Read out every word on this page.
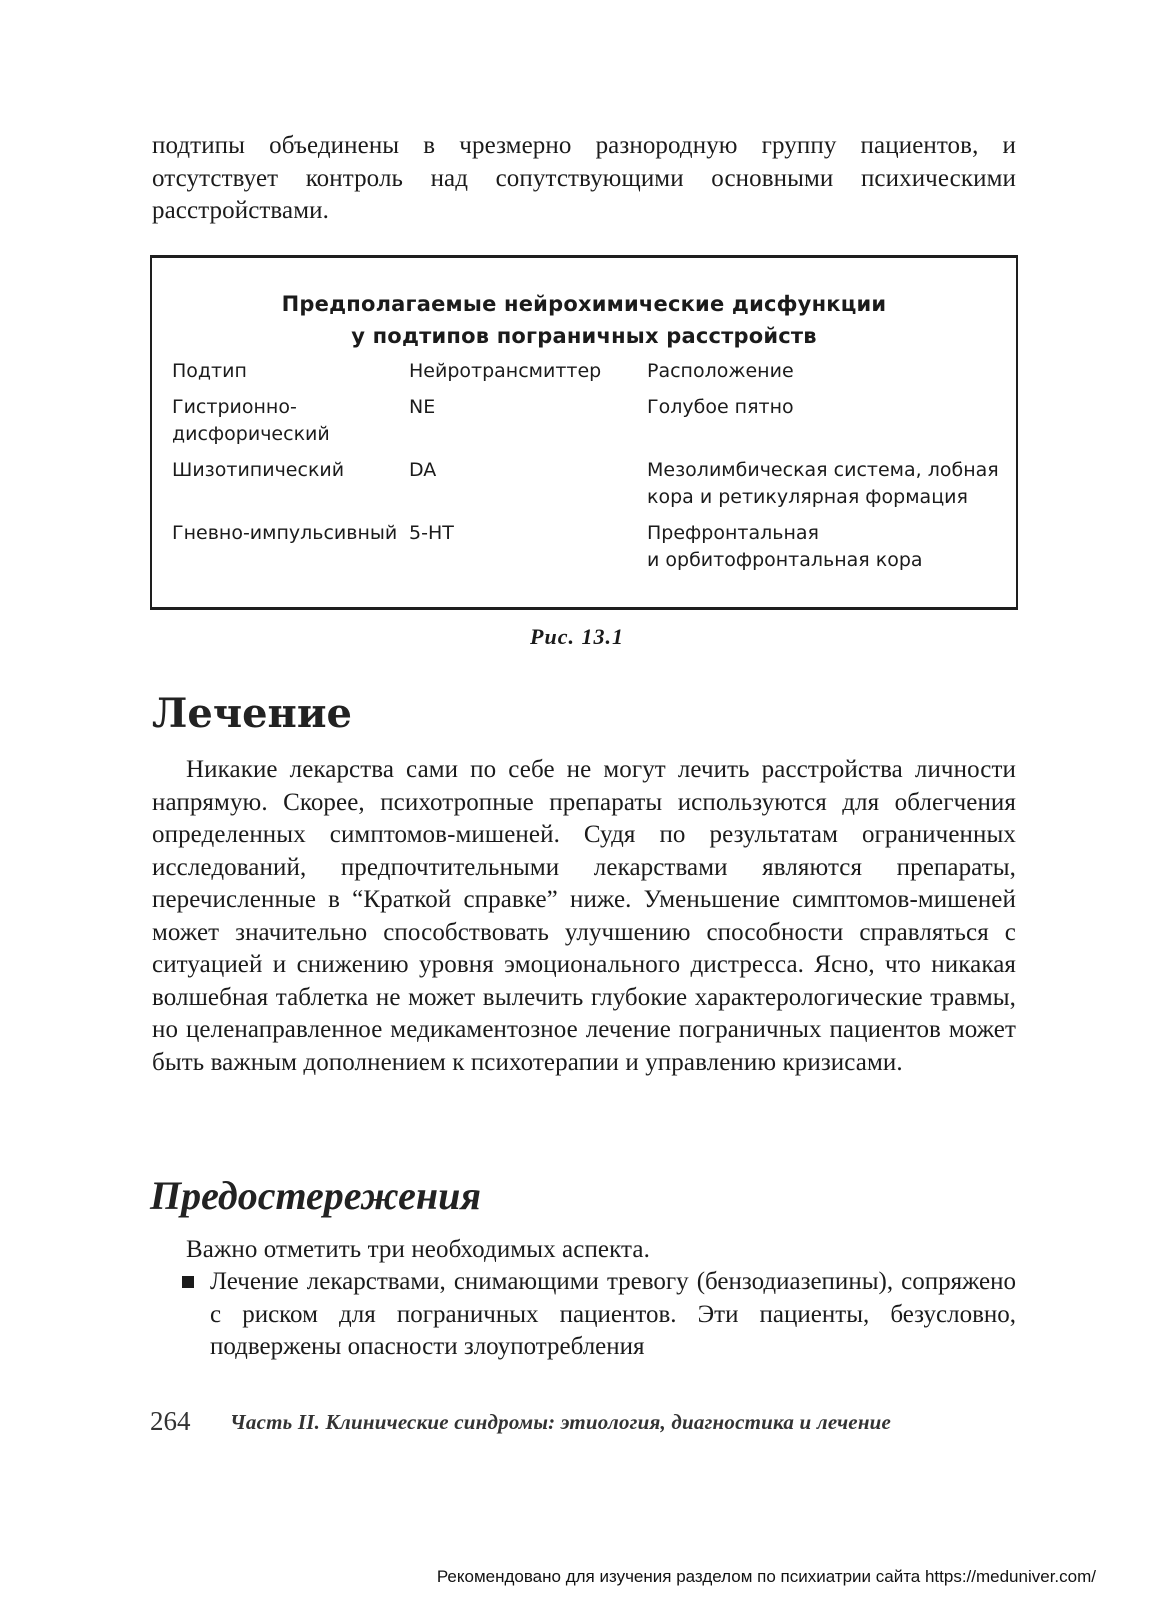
подтипы объединены в чрезмерно разнородную группу пациентов, и отсутствует контроль над сопутствующими основными психическими расстройствами.

Предполагаемые нейрохимические дисфункции
у подтипов пограничных расстройств
Подтип	Нейротрансмиттер	Расположение
Гистрионно-
дисфорический	NE	Голубое пятно
Шизотипический	DA	Мезолимбическая система, лобная кора и ретикулярная формация
Гневно-импульсивный	5-HT	Префронтальная
и орбитофронтальная кора
Рис. 13.1
Лечение

Никакие лекарства сами по себе не могут лечить расстройства личности напрямую. Скорее, психотропные препараты используются для облегчения определенных симптомов-мишеней. Судя по результатам ограниченных исследований, предпочтительными лекарствами являются препараты, перечисленные в “Краткой справке” ниже. Уменьшение симптомов-мишеней может значительно способствовать улучшению способности справляться с ситуацией и снижению уровня эмоционального дистресса. Ясно, что никакая волшебная таблетка не может вылечить глубокие характерологические травмы, но целенаправленное медикаментозное лечение пограничных пациентов может быть важным дополнением к психотерапии и управлению кризисами.

Предостережения

Важно отметить три необходимых аспекта.

Лечение лекарствами, снимающими тревогу (бензодиазепины), сопряжено с риском для пограничных пациентов. Эти пациенты, безусловно, подвержены опасности злоупотребления

264 Часть II. Клинические синдромы: этиология, диагностика и лечение
Рекомендовано для изучения разделом по психиатрии сайта https://meduniver.com/
